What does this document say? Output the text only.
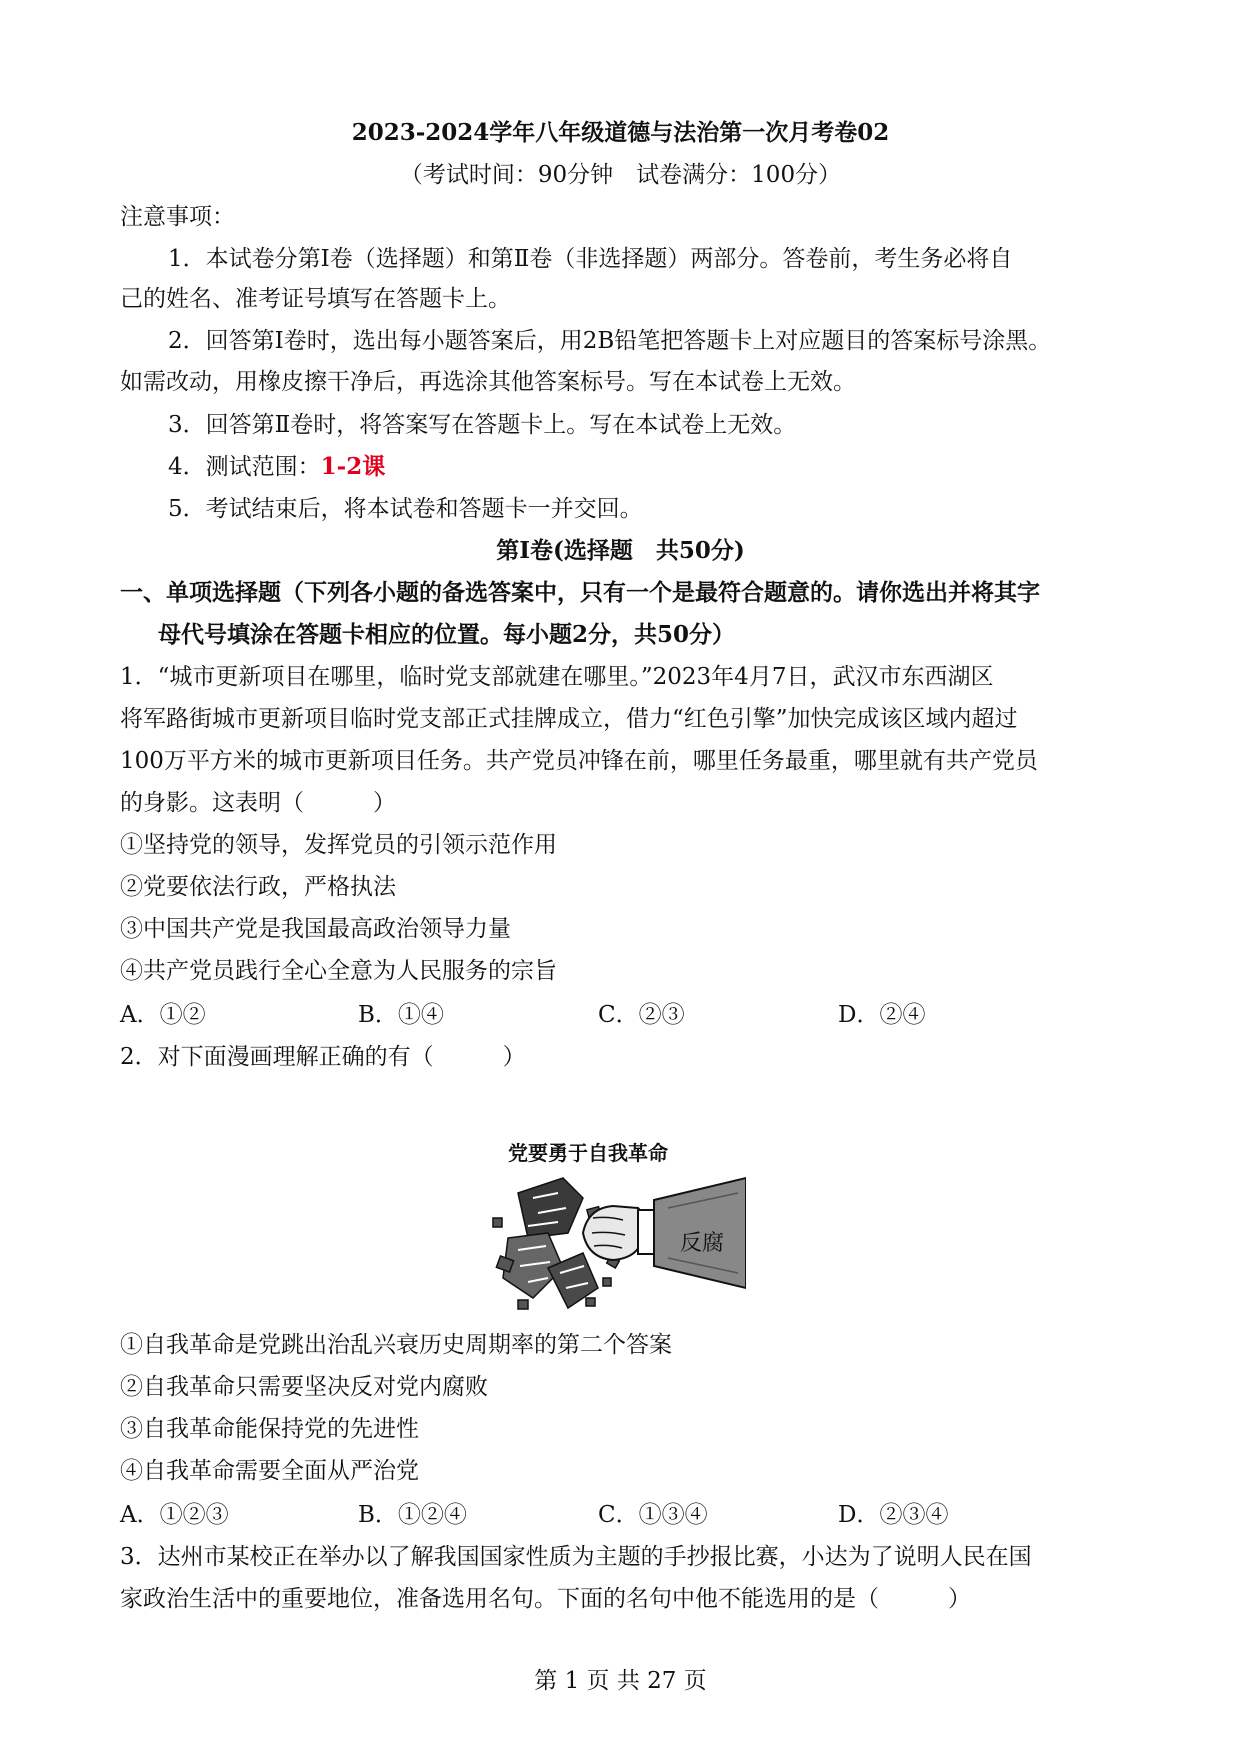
2023-2024学年八年级道德与法治第一次月考卷02
（考试时间：90分钟　试卷满分：100分）
注意事项：
1．本试卷分第Ⅰ卷（选择题）和第Ⅱ卷（非选择题）两部分。答卷前，考生务必将自
己的姓名、准考证号填写在答题卡上。
2．回答第Ⅰ卷时，选出每小题答案后，用2B铅笔把答题卡上对应题目的答案标号涂黑。
如需改动，用橡皮擦干净后，再选涂其他答案标号。写在本试卷上无效。
3．回答第Ⅱ卷时，将答案写在答题卡上。写在本试卷上无效。
4．测试范围：1-2课
5．考试结束后，将本试卷和答题卡一并交回。
第Ⅰ卷(选择题　共50分)
一、单项选择题（下列各小题的备选答案中，只有一个是最符合题意的。请你选出并将其字
母代号填涂在答题卡相应的位置。每小题2分，共50分）
1．“城市更新项目在哪里，临时党支部就建在哪里。”2023年4月7日，武汉市东西湖区
将军路街城市更新项目临时党支部正式挂牌成立，借力“红色引擎”加快完成该区域内超过
100万平方米的城市更新项目任务。共产党员冲锋在前，哪里任务最重，哪里就有共产党员
的身影。这表明（　　　）
①坚持党的领导，发挥党员的引领示范作用
②党要依法行政，严格执法
③中国共产党是我国最高政治领导力量
④共产党员践行全心全意为人民服务的宗旨
A．①②	B．①④	C．②③	D．②④
2．对下面漫画理解正确的有（　　　）
党要勇于自我革命
反腐
①自我革命是党跳出治乱兴衰历史周期率的第二个答案
②自我革命只需要坚决反对党内腐败
③自我革命能保持党的先进性
④自我革命需要全面从严治党
A．①②③	B．①②④	C．①③④	D．②③④
3．达州市某校正在举办以了解我国国家性质为主题的手抄报比赛，小达为了说明人民在国
家政治生活中的重要地位，准备选用名句。下面的名句中他不能选用的是（　　　）
第 1 页 共 27 页
